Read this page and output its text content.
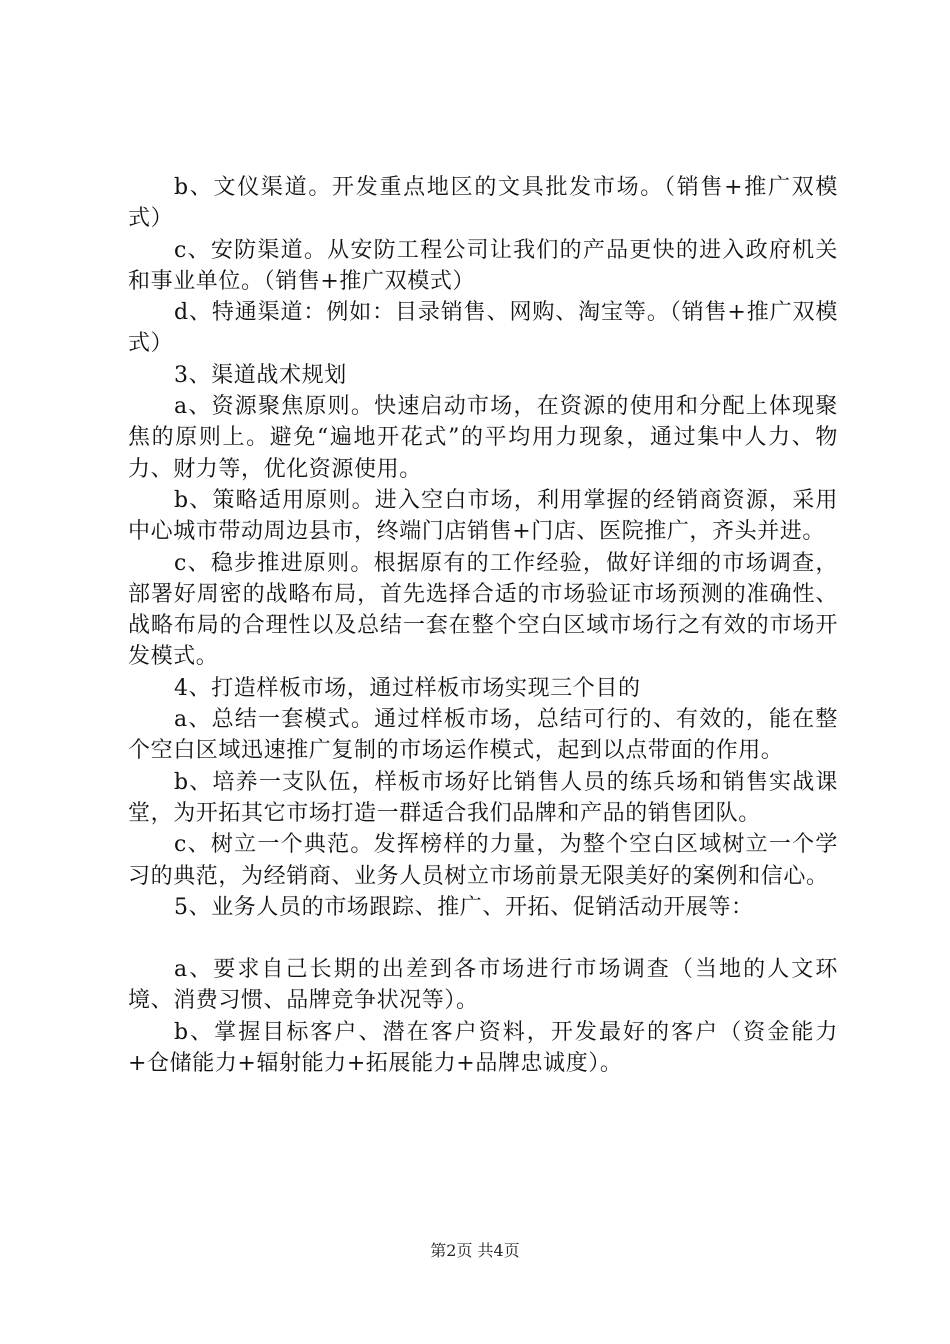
b、文仪渠道。开发重点地区的文具批发市场。（销售+推广双模式）

c、安防渠道。从安防工程公司让我们的产品更快的进入政府机关和事业单位。（销售+推广双模式）

d、特通渠道：例如：目录销售、网购、淘宝等。（销售+推广双模式）

3、渠道战术规划

a、资源聚焦原则。快速启动市场，在资源的使用和分配上体现聚焦的原则上。避免“遍地开花式”的平均用力现象，通过集中人力、物力、财力等，优化资源使用。

b、策略适用原则。进入空白市场，利用掌握的经销商资源，采用中心城市带动周边县市，终端门店销售+门店、医院推广，齐头并进。

c、稳步推进原则。根据原有的工作经验，做好详细的市场调查，部署好周密的战略布局，首先选择合适的市场验证市场预测的准确性、战略布局的合理性以及总结一套在整个空白区域市场行之有效的市场开发模式。

4、打造样板市场，通过样板市场实现三个目的

a、总结一套模式。通过样板市场，总结可行的、有效的，能在整个空白区域迅速推广复制的市场运作模式，起到以点带面的作用。

b、培养一支队伍，样板市场好比销售人员的练兵场和销售实战课堂，为开拓其它市场打造一群适合我们品牌和产品的销售团队。

c、树立一个典范。发挥榜样的力量，为整个空白区域树立一个学习的典范，为经销商、业务人员树立市场前景无限美好的案例和信心。

5、业务人员的市场跟踪、推广、开拓、促销活动开展等：

a、要求自己长期的出差到各市场进行市场调查（当地的人文环境、消费习惯、品牌竞争状况等）。

b、掌握目标客户、潜在客户资料，开发最好的客户（资金能力+仓储能力+辐射能力+拓展能力+品牌忠诚度）。

第2页 共4页
